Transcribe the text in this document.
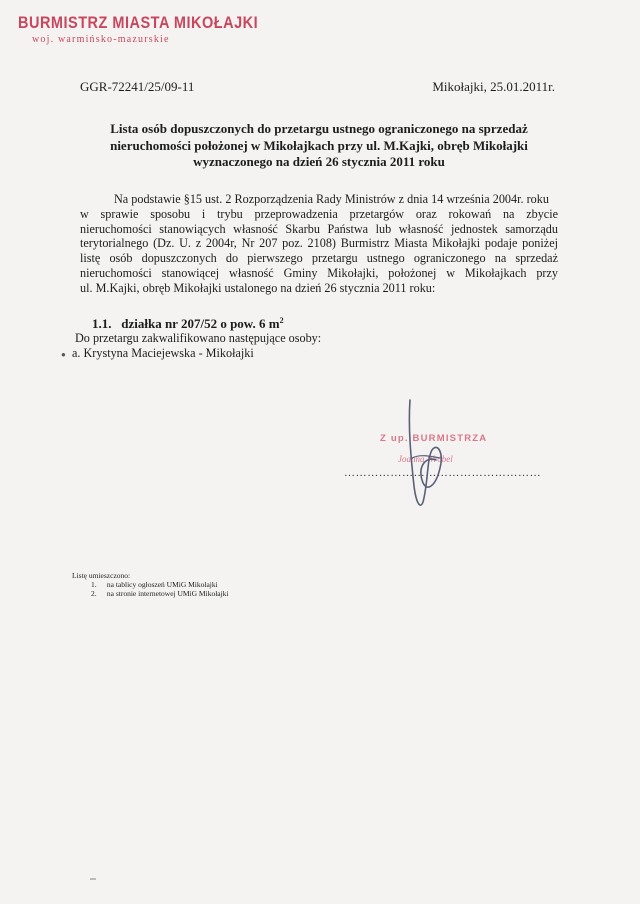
BURMISTRZ MIASTA MIKOŁAJKI
woj. warmińsko-mazurskie
GGR-72241/25/09-11	Mikołajki, 25.01.2011r.
Lista osób dopuszczonych do przetargu ustnego ograniczonego na sprzedaż
nieruchomości położonej w Mikołajkach przy ul. M.Kajki, obręb Mikołajki
wyznaczonego na dzień 26 stycznia 2011 roku
Na podstawie §15 ust. 2 Rozporządzenia Rady Ministrów z dnia 14 września 2004r. roku
w sprawie sposobu i trybu przeprowadzenia przetargów oraz rokowań na zbycie
nieruchomości stanowiących własność Skarbu Państwa lub własność jednostek samorządu
terytorialnego (Dz. U. z 2004r, Nr 207 poz. 2108) Burmistrz Miasta Mikołajki podaje poniżej
listę osób dopuszczonych do pierwszego przetargu ustnego ograniczonego na sprzedaż
nieruchomości stanowiącej własność Gminy Mikołajki, położonej w Mikołajkach przy
ul. M.Kajki, obręb Mikołajki ustalonego na dzień 26 stycznia 2011 roku:
1.1. działka nr 207/52 o pow. 6 $m^2$
Do przetargu zakwalifikowano następujące osoby:
● a. Krystyna Maciejewska - Mikołajki
Z up. BURMISTRZA
Joanna Wróbel
……………………………………………
Listę umieszczono:
1. na tablicy ogłoszeń UMiG Mikołajki
2. na stronie internetowej UMiG Mikołajki
